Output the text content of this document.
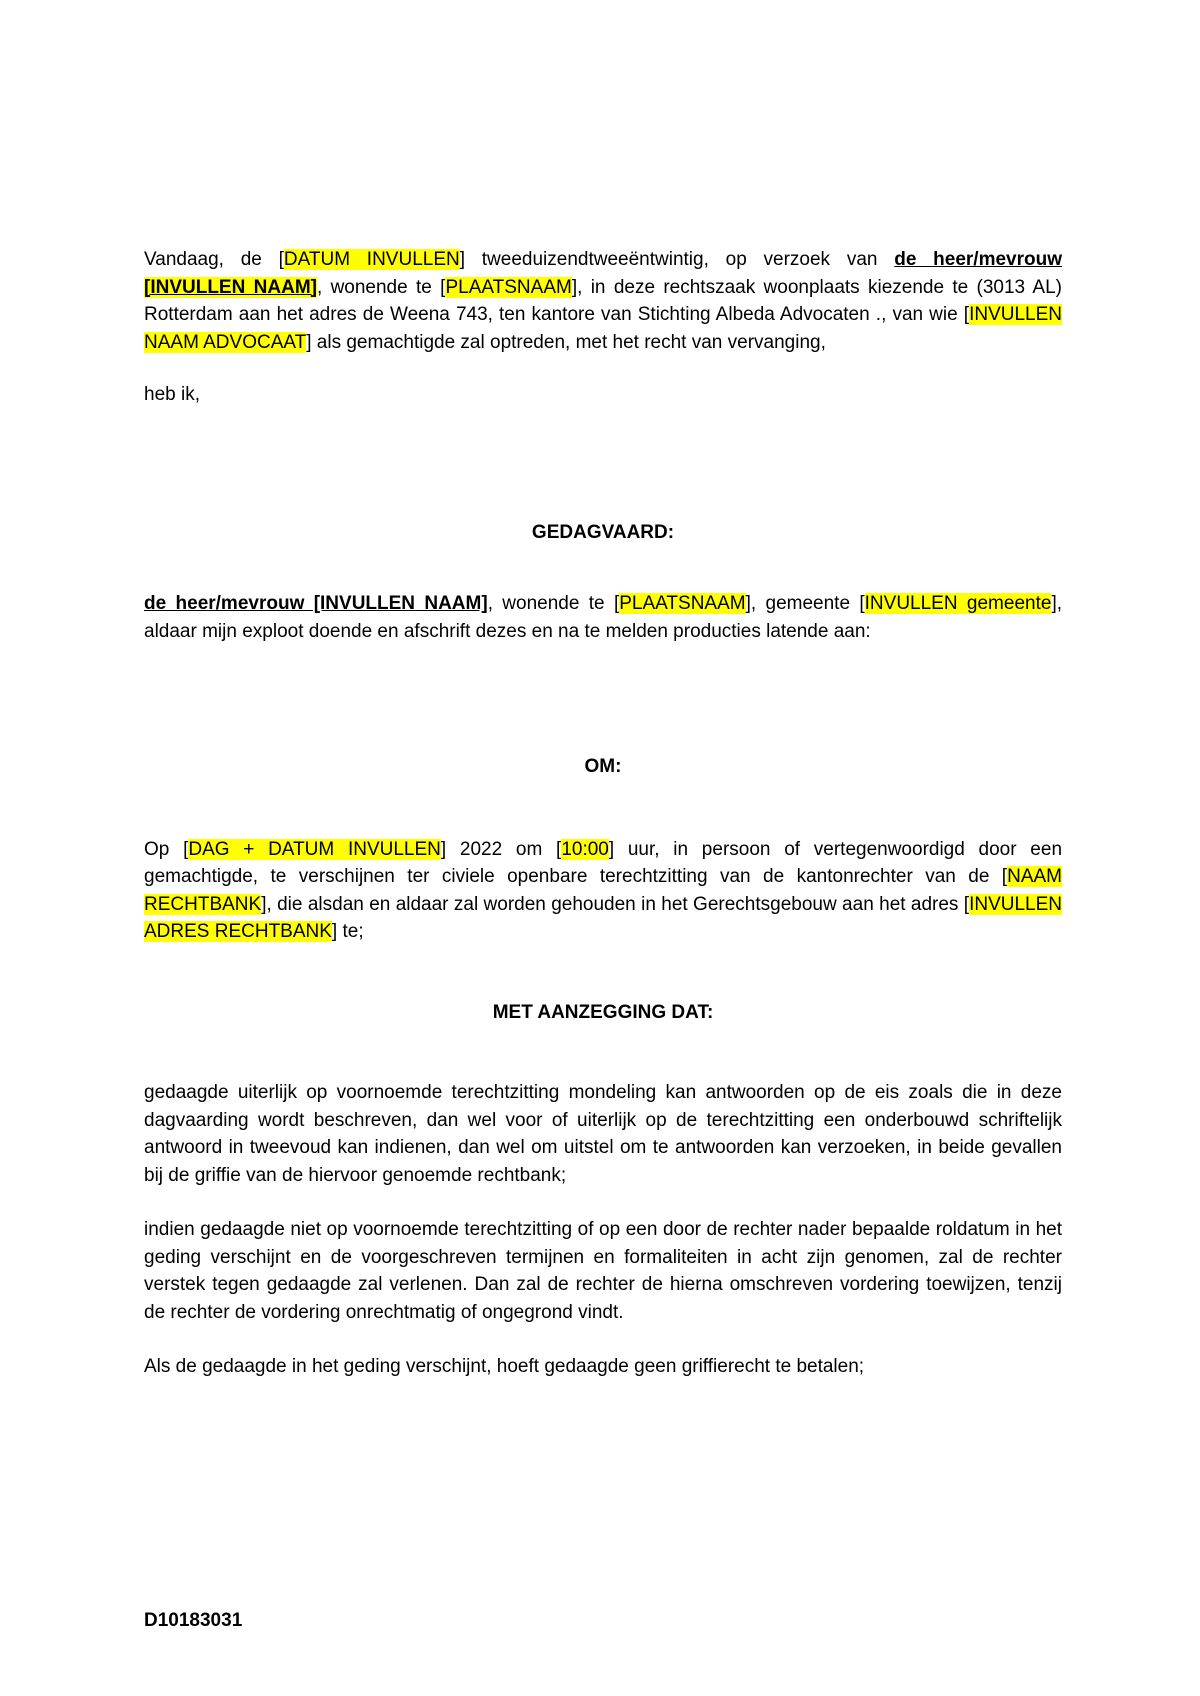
Vandaag, de [DATUM INVULLEN] tweeduizendtweeëntwintig, op verzoek van de heer/mevrouw [INVULLEN NAAM], wonende te [PLAATSNAAM], in deze rechtszaak woonplaats kiezende te (3013 AL) Rotterdam aan het adres de Weena 743, ten kantore van Stichting Albeda Advocaten ., van wie [INVULLEN NAAM ADVOCAAT] als gemachtigde zal optreden, met het recht van vervanging,

heb ik,

GEDAGVAARD:

de heer/mevrouw [INVULLEN NAAM], wonende te [PLAATSNAAM], gemeente [INVULLEN gemeente], aldaar mijn exploot doende en afschrift dezes en na te melden producties latende aan:

OM:

Op [DAG + DATUM INVULLEN] 2022 om [10:00] uur, in persoon of vertegenwoordigd door een gemachtigde, te verschijnen ter civiele openbare terechtzitting van de kantonrechter van de [NAAM RECHTBANK], die alsdan en aldaar zal worden gehouden in het Gerechtsgebouw aan het adres [INVULLEN ADRES RECHTBANK] te;

MET AANZEGGING DAT:

gedaagde uiterlijk op voornoemde terechtzitting mondeling kan antwoorden op de eis zoals die in deze dagvaarding wordt beschreven, dan wel voor of uiterlijk op de terechtzitting een onderbouwd schriftelijk antwoord in tweevoud kan indienen, dan wel om uitstel om te antwoorden kan verzoeken, in beide gevallen bij de griffie van de hiervoor genoemde rechtbank;

indien gedaagde niet op voornoemde terechtzitting of op een door de rechter nader bepaalde roldatum in het geding verschijnt en de voorgeschreven termijnen en formaliteiten in acht zijn genomen, zal de rechter verstek tegen gedaagde zal verlenen. Dan zal de rechter de hierna omschreven vordering toewijzen, tenzij de rechter de vordering onrechtmatig of ongegrond vindt.

Als de gedaagde in het geding verschijnt, hoeft gedaagde geen griffierecht te betalen;

D10183031
